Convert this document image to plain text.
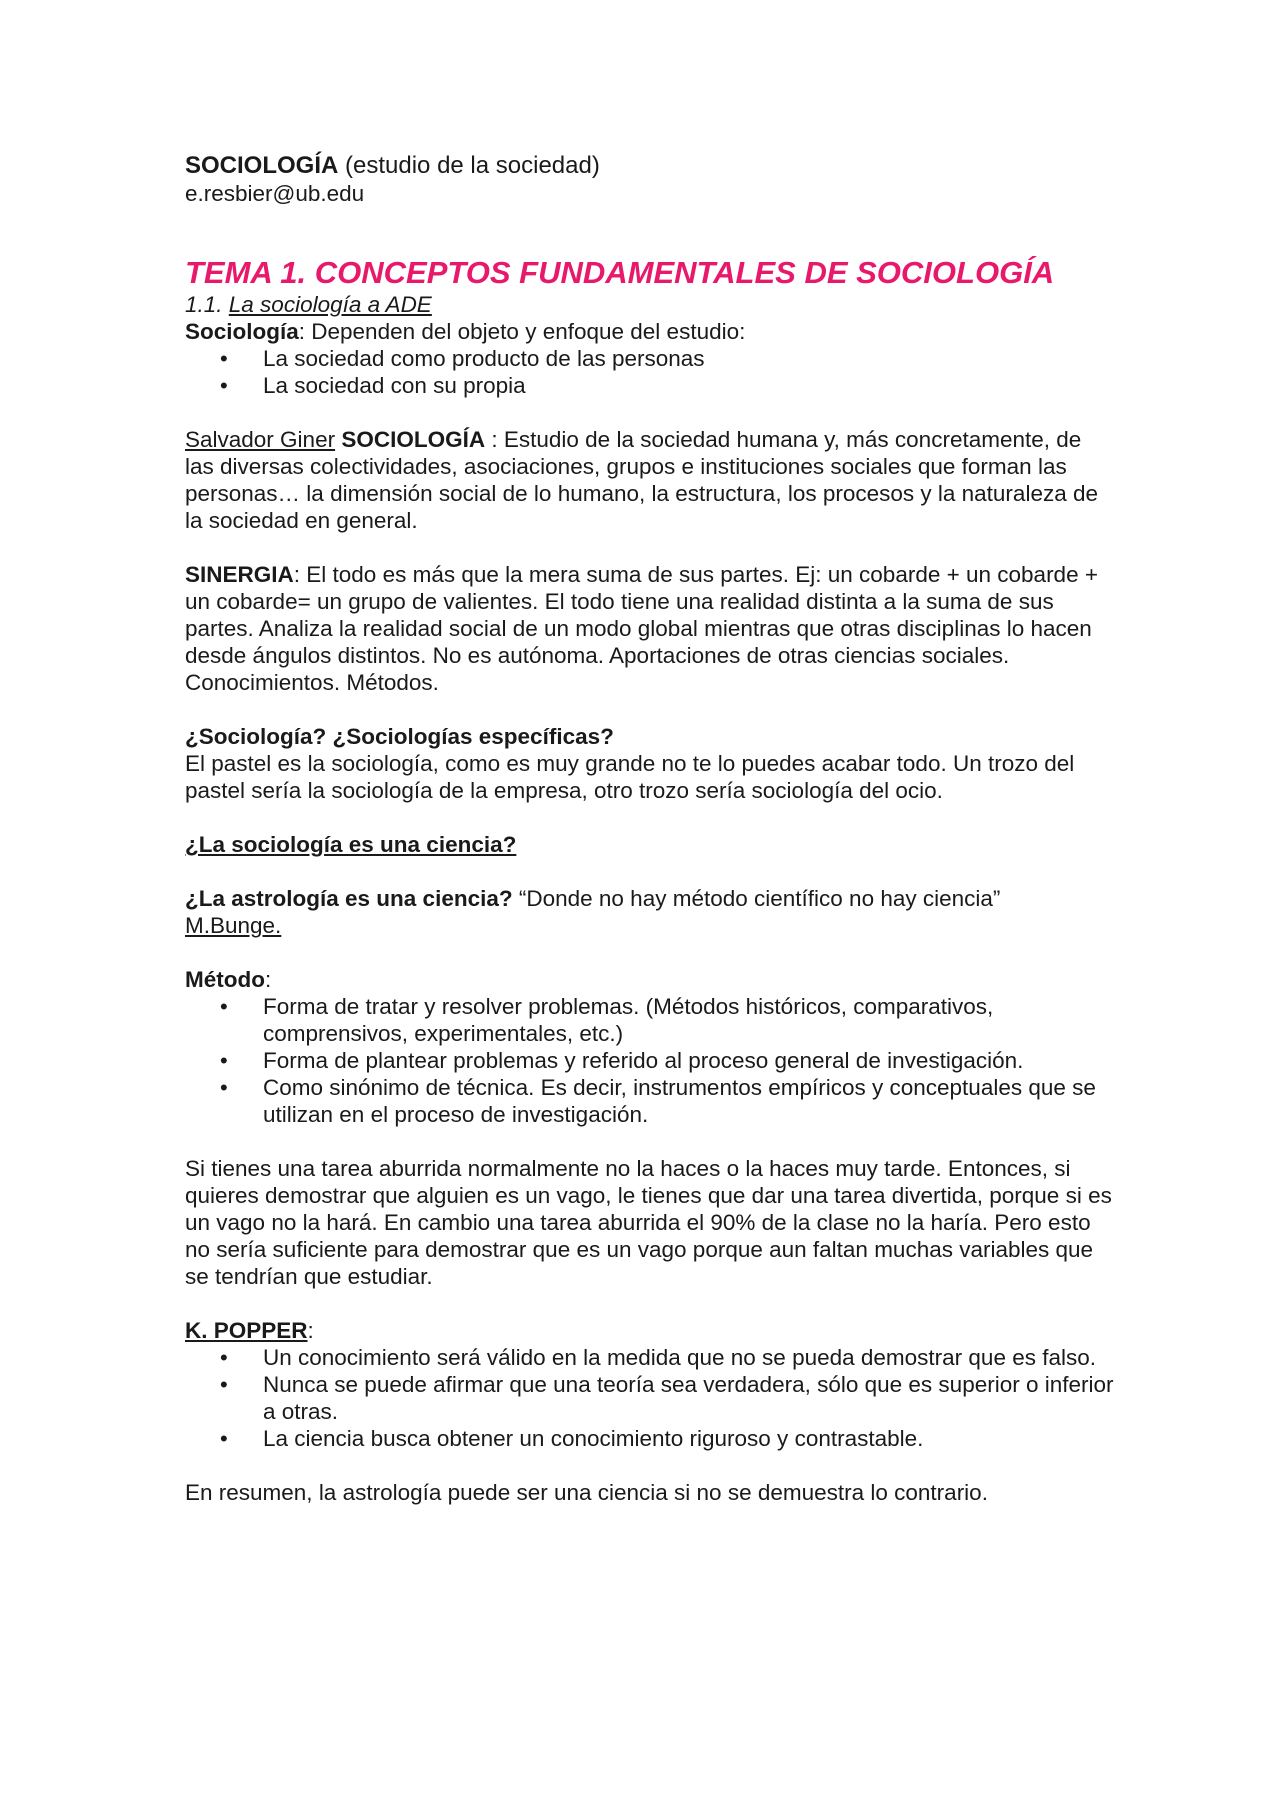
SOCIOLOGÍA (estudio de la sociedad)

e.resbier@ub.edu

TEMA 1. CONCEPTOS FUNDAMENTALES DE SOCIOLOGÍA

1.1. La sociología a ADE

Sociología: Dependen del objeto y enfoque del estudio:

• La sociedad como producto de las personas
• La sociedad con su propia

Salvador Giner SOCIOLOGÍA : Estudio de la sociedad humana y, más concretamente, de las diversas colectividades, asociaciones, grupos e instituciones sociales que forman las personas… la dimensión social de lo humano, la estructura, los procesos y la naturaleza de la sociedad en general.

SINERGIA: El todo es más que la mera suma de sus partes. Ej: un cobarde + un cobarde + un cobarde= un grupo de valientes. El todo tiene una realidad distinta a la suma de sus partes. Analiza la realidad social de un modo global mientras que otras disciplinas lo hacen desde ángulos distintos. No es autónoma. Aportaciones de otras ciencias sociales. Conocimientos. Métodos.

¿Sociología? ¿Sociologías específicas?

El pastel es la sociología, como es muy grande no te lo puedes acabar todo. Un trozo del pastel sería la sociología de la empresa, otro trozo sería sociología del ocio.

¿La sociología es una ciencia?

¿La astrología es una ciencia? “Donde no hay método científico no hay ciencia”

M.Bunge.

Método:

• Forma de tratar y resolver problemas. (Métodos históricos, comparativos, comprensivos, experimentales, etc.)
• Forma de plantear problemas y referido al proceso general de investigación.
• Como sinónimo de técnica. Es decir, instrumentos empíricos y conceptuales que se utilizan en el proceso de investigación.

Si tienes una tarea aburrida normalmente no la haces o la haces muy tarde. Entonces, si quieres demostrar que alguien es un vago, le tienes que dar una tarea divertida, porque si es un vago no la hará. En cambio una tarea aburrida el 90% de la clase no la haría. Pero esto no sería suficiente para demostrar que es un vago porque aun faltan muchas variables que se tendrían que estudiar.

K. POPPER:

• Un conocimiento será válido en la medida que no se pueda demostrar que es falso.
• Nunca se puede afirmar que una teoría sea verdadera, sólo que es superior o inferior a otras.
• La ciencia busca obtener un conocimiento riguroso y contrastable.

En resumen, la astrología puede ser una ciencia si no se demuestra lo contrario.
